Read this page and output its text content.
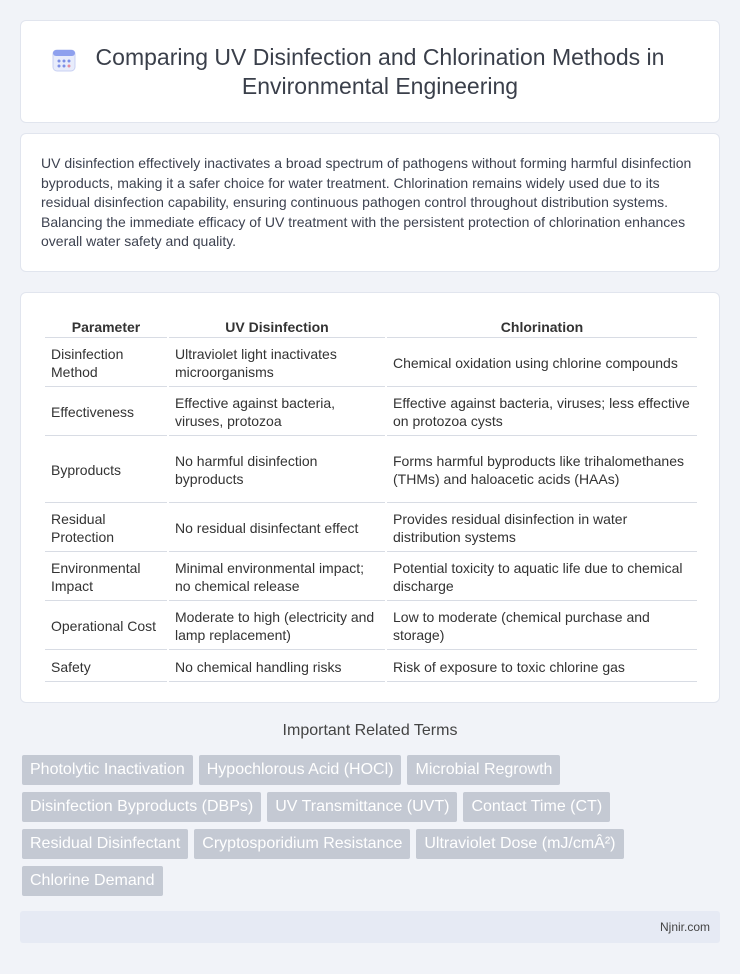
Comparing UV Disinfection and Chlorination Methods in Environmental Engineering

UV disinfection effectively inactivates a broad spectrum of pathogens without forming harmful disinfection byproducts, making it a safer choice for water treatment. Chlorination remains widely used due to its residual disinfection capability, ensuring continuous pathogen control throughout distribution systems. Balancing the immediate efficacy of UV treatment with the persistent protection of chlorination enhances overall water safety and quality.

Parameter	UV Disinfection	Chlorination
Disinfection Method	Ultraviolet light inactivates microorganisms	Chemical oxidation using chlorine compounds
Effectiveness	Effective against bacteria, viruses, protozoa	Effective against bacteria, viruses; less effective on protozoa cysts
Byproducts	No harmful disinfection byproducts	Forms harmful byproducts like trihalomethanes (THMs) and haloacetic acids (HAAs)
Residual Protection	No residual disinfectant effect	Provides residual disinfection in water distribution systems
Environmental Impact	Minimal environmental impact; no chemical release	Potential toxicity to aquatic life due to chemical discharge
Operational Cost	Moderate to high (electricity and lamp replacement)	Low to moderate (chemical purchase and storage)
Safety	No chemical handling risks	Risk of exposure to toxic chlorine gas
Important Related Terms
Photolytic Inactivation	Hypochlorous Acid (HOCl)	Microbial Regrowth
Disinfection Byproducts (DBPs)	UV Transmittance (UVT)	Contact Time (CT)
Residual Disinfectant	Cryptosporidium Resistance	Ultraviolet Dose (mJ/cmÂ²)
Chlorine Demand
Njnir.com
